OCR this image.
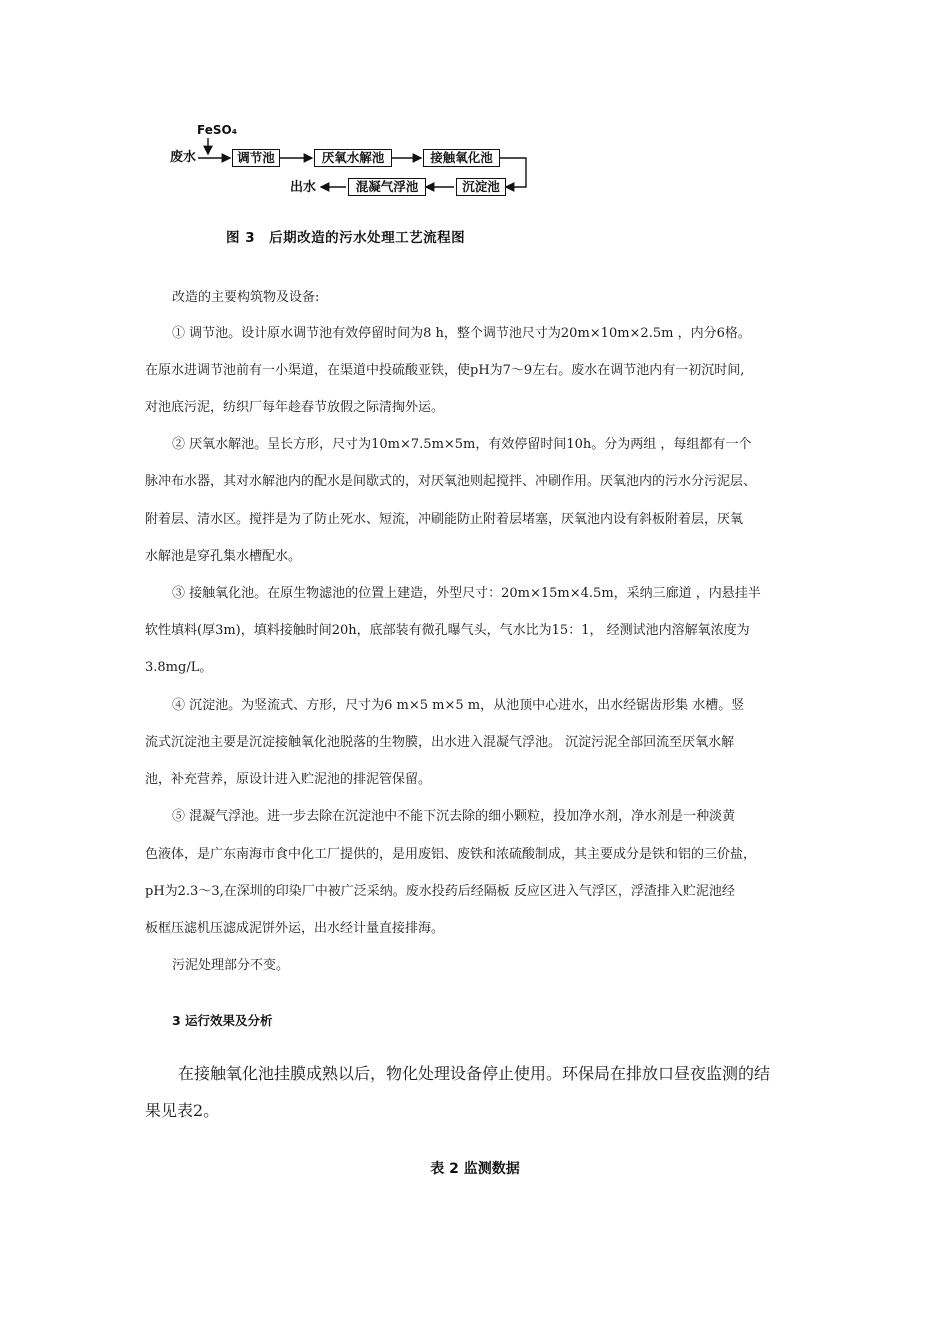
FeSO₄
废水	调节池	厌氧水解池	接触氧化池
沉淀池
混凝气浮池
出水
图 3 后期改造的污水处理工艺流程图
改造的主要构筑物及设备:
① 调节池。设计原水调节池有效停留时间为8 h，整个调节池尺寸为20m×10m×2.5m ，内分6格。
在原水进调节池前有一小渠道，在渠道中投硫酸亚铁，使pH为7～9左右。废水在调节池内有一初沉时间,
对池底污泥，纺织厂每年趁春节放假之际清掏外运。
② 厌氧水解池。呈长方形，尺寸为10m×7.5m×5m，有效停留时间10h。分为两组 ，每组都有一个
脉冲布水器，其对水解池内的配水是间歇式的，对厌氧池则起搅拌、冲刷作用。厌氧池内的污水分污泥层、
附着层、清水区。搅拌是为了防止死水、短流，冲刷能防止附着层堵塞，厌氧池内设有斜板附着层，厌氧
水解池是穿孔集水槽配水。
③ 接触氧化池。在原生物滤池的位置上建造，外型尺寸：20m×15m×4.5m，采纳三廊道 ，内悬挂半
软性填料(厚3m)，填料接触时间20h，底部装有微孔曝气头，气水比为15：1， 经测试池内溶解氧浓度为
3.8mg/L。
④ 沉淀池。为竖流式、方形，尺寸为6 m×5 m×5 m，从池顶中心进水，出水经锯齿形集 水槽。竖
流式沉淀池主要是沉淀接触氧化池脱落的生物膜，出水进入混凝气浮池。 沉淀污泥全部回流至厌氧水解
池，补充营养，原设计进入贮泥池的排泥管保留。
⑤ 混凝气浮池。进一步去除在沉淀池中不能下沉去除的细小颗粒，投加净水剂，净水剂是一种淡黄
色液体，是广东南海市食中化工厂提供的，是用废铝、废铁和浓硫酸制成，其主要成分是铁和铝的三价盐，
pH为2.3～3,在深圳的印染厂中被广泛采纳。废水投药后经隔板 反应区进入气浮区，浮渣排入贮泥池经
板框压滤机压滤成泥饼外运，出水经计量直接排海。
污泥处理部分不变。
3 运行效果及分析
在接触氧化池挂膜成熟以后，物化处理设备停止使用。环保局在排放口昼夜监测的结
果见表2。
表 2 监测数据
